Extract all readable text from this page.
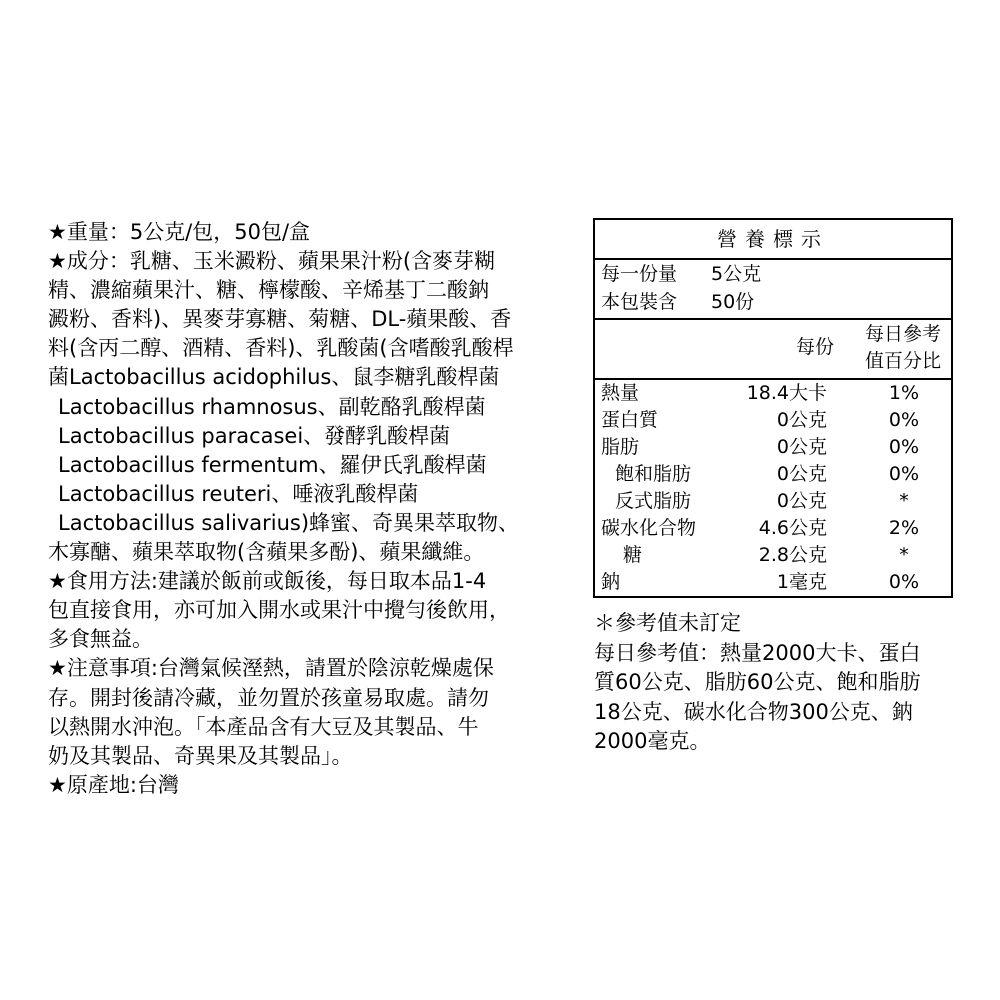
★重量：5公克/包，50包/盒
★成分：乳糖、玉米澱粉、蘋果果汁粉(含麥芽糊
精、濃縮蘋果汁、糖、檸檬酸、辛烯基丁二酸鈉
澱粉、香料)、異麥芽寡糖、菊糖、DL-蘋果酸、香
料(含丙二醇、酒精、香料)、乳酸菌(含嗜酸乳酸桿
菌Lactobacillus acidophilus、鼠李糖乳酸桿菌
Lactobacillus rhamnosus、副乾酪乳酸桿菌
Lactobacillus paracasei、發酵乳酸桿菌
Lactobacillus fermentum、羅伊氏乳酸桿菌
Lactobacillus reuteri、唾液乳酸桿菌
Lactobacillus salivarius)蜂蜜、奇異果萃取物、
木寡醣、蘋果萃取物(含蘋果多酚)、蘋果纖維。
★食用方法:建議於飯前或飯後，每日取本品1-4
包直接食用，亦可加入開水或果汁中攪勻後飲用，
多食無益。
★注意事項:台灣氣候溼熱，請置於陰涼乾燥處保
存。開封後請冷藏，並勿置於孩童易取處。請勿
以熱開水沖泡。「本產品含有大豆及其製品、牛
奶及其製品、奇異果及其製品」。
★原產地:台灣
營養標示
每一份量 5公克
本包裝含 50份
每份
每日參考
值百分比
熱量	18.4大卡	1%
蛋白質	0公克	0%
脂肪	0公克	0%
飽和脂肪	0公克	0%
反式脂肪	0公克	*
碳水化合物	4.6公克	2%
糖	2.8公克	*
鈉	1毫克	0%
＊參考值未訂定
每日參考值：熱量2000大卡、蛋白
質60公克、脂肪60公克、飽和脂肪
18公克、碳水化合物300公克、鈉
2000毫克。
